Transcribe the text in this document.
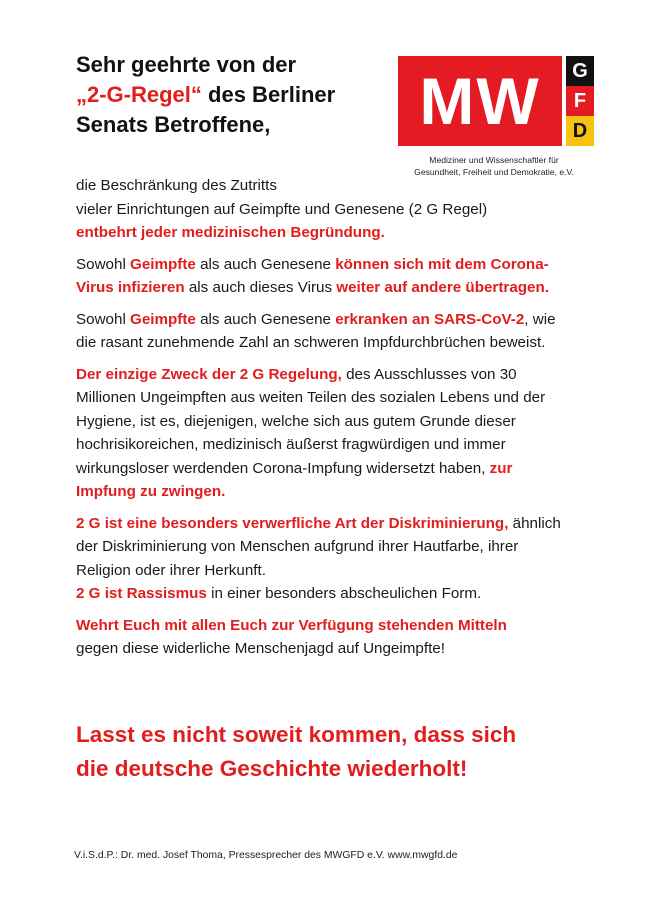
Sehr geehrte von der
„2-G-Regel“ des Berliner
Senats Betroffene,	MW	G
F
D
Mediziner und Wissenschaftler für
Gesundheit, Freiheit und Demokratie, e.V.

die Beschränkung des Zutritts
vieler Einrichtungen auf Geimpfte und Genesene (2 G Regel)
entbehrt jeder medizinischen Begründung.

Sowohl Geimpfte als auch Genesene können sich mit dem Corona-Virus infizieren als auch dieses Virus weiter auf andere übertragen.

Sowohl Geimpfte als auch Genesene erkranken an SARS-CoV-2, wie die rasant zunehmende Zahl an schweren Impfdurchbrüchen beweist.

Der einzige Zweck der 2 G Regelung, des Ausschlusses von 30 Millionen Ungeimpften aus weiten Teilen des sozialen Lebens und der Hygiene, ist es, diejenigen, welche sich aus gutem Grunde dieser hochrisikoreichen, medizinisch äußerst fragwürdigen und immer wirkungsloser werdenden Corona-Impfung widersetzt haben, zur Impfung zu zwingen.

2 G ist eine besonders verwerfliche Art der Diskriminierung, ähnlich der Diskriminierung von Menschen aufgrund ihrer Hautfarbe, ihrer Religion oder ihrer Herkunft.
2 G ist Rassismus in einer besonders abscheulichen Form.

Wehrt Euch mit allen Euch zur Verfügung stehenden Mitteln
gegen diese widerliche Menschenjagd auf Ungeimpfte!

Lasst es nicht soweit kommen, dass sich
die deutsche Geschichte wiederholt!
V.i.S.d.P.: Dr. med. Josef Thoma, Pressesprecher des MWGFD e.V. www.mwgfd.de
